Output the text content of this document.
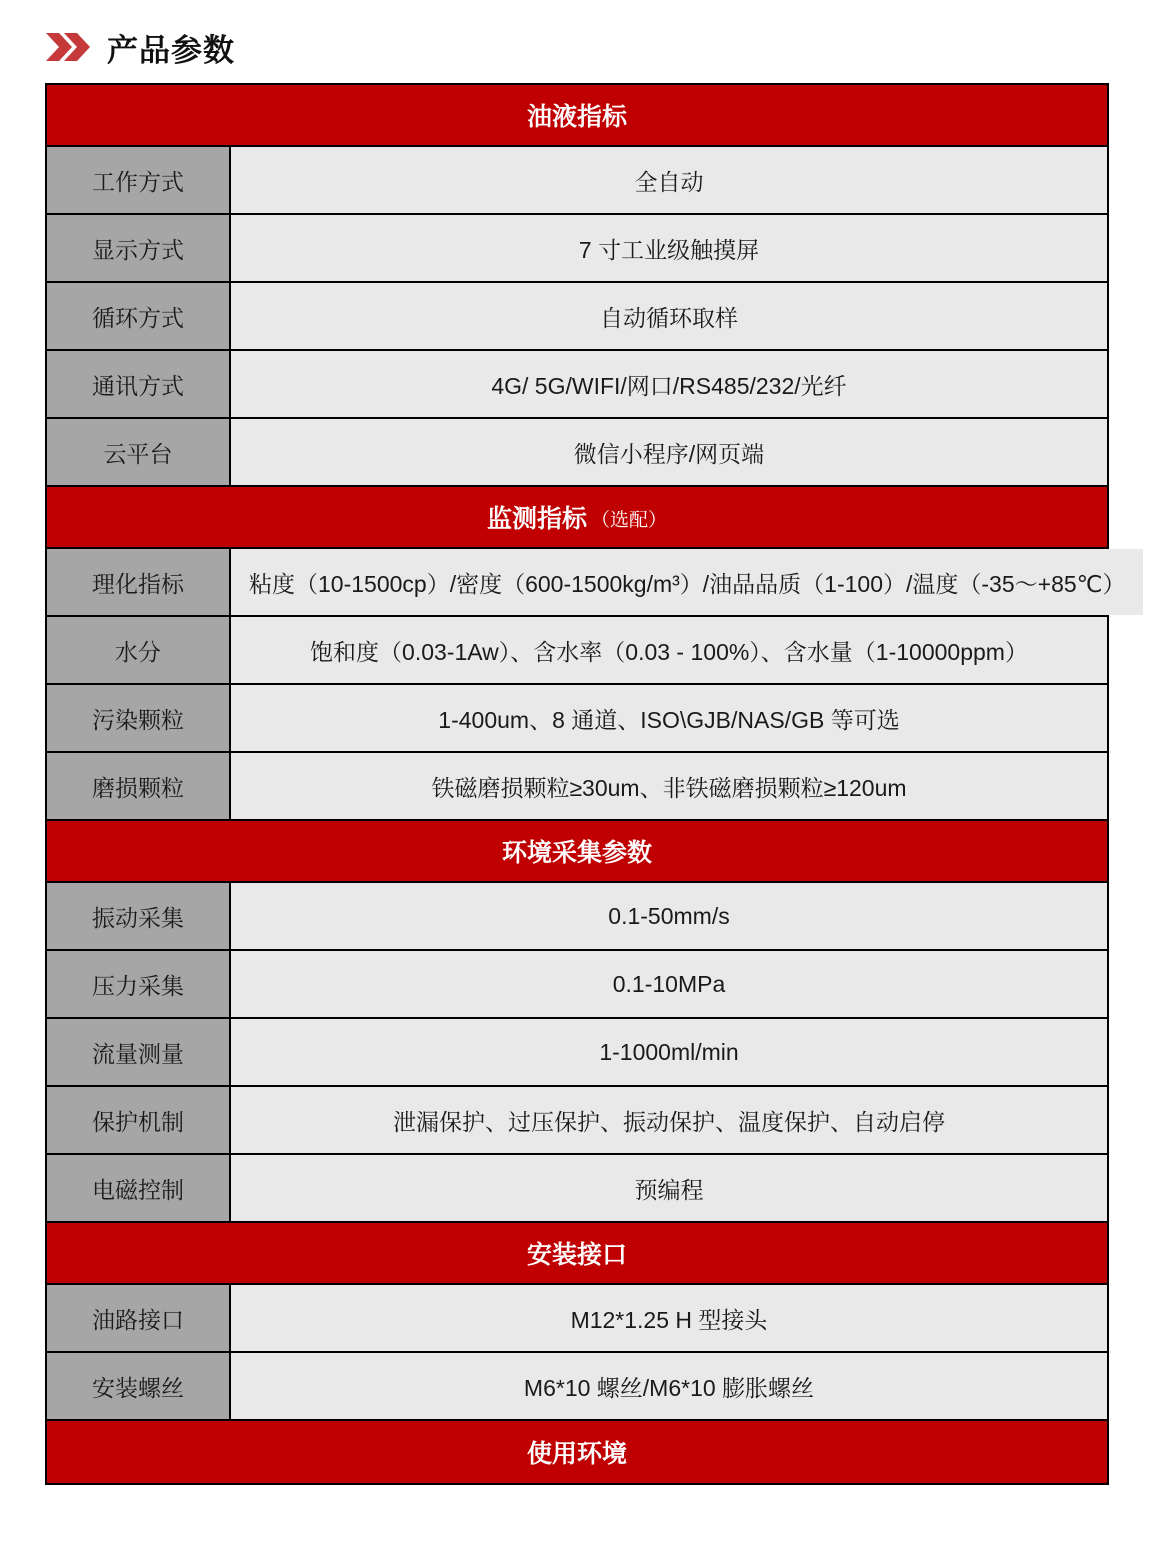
产品参数
油液指标
工作方式	全自动
显示方式	7 寸工业级触摸屏
循环方式	自动循环取样
通讯方式	4G/ 5G/WIFI/网口/RS485/232/光纤
云平台	微信小程序/网页端
监测指标 （选配）
理化指标	粘度（10-1500cp）/密度（600-1500kg/m³）/油品品质（1-100）/温度（-35～+85℃）
水分	饱和度（0.03-1Aw）、含水率（0.03 - 100%）、含水量（1-10000ppm）
污染颗粒	1-400um、8 通道、ISO\GJB/NAS/GB 等可选
磨损颗粒	铁磁磨损颗粒≥30um、非铁磁磨损颗粒≥120um
环境采集参数
振动采集	0.1-50mm/s
压力采集	0.1-10MPa
流量测量	1-1000ml/min
保护机制	泄漏保护、过压保护、振动保护、温度保护、自动启停
电磁控制	预编程
安装接口
油路接口	M12*1.25 H 型接头
安装螺丝	M6*10 螺丝/M6*10 膨胀螺丝
使用环境
